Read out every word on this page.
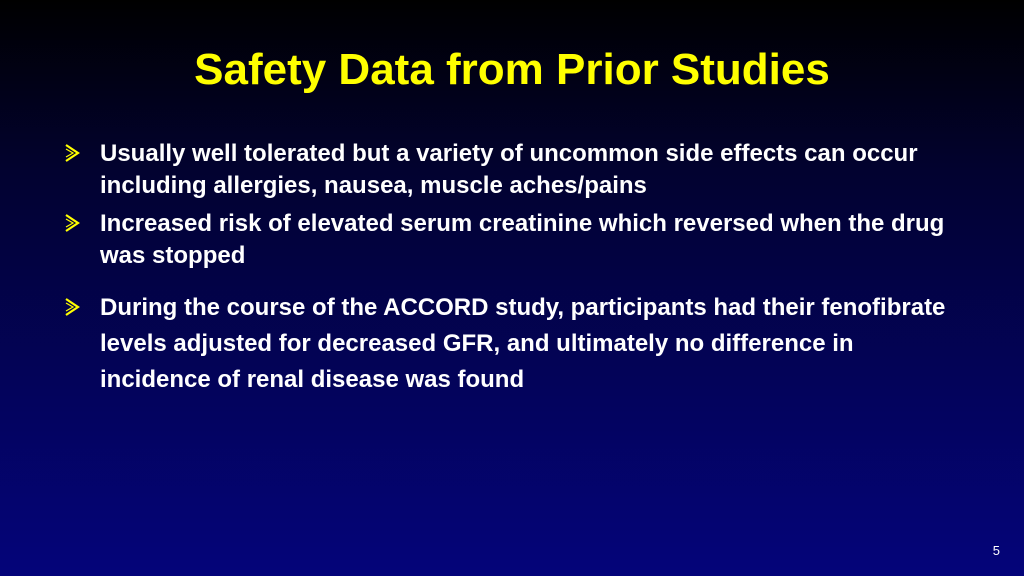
Safety Data from Prior Studies
Usually well tolerated but a variety of uncommon side effects can occur including allergies, nausea, muscle aches/pains
Increased risk of elevated serum creatinine which reversed when the drug was stopped
During the course of the ACCORD study, participants had their fenofibrate levels adjusted for decreased GFR, and ultimately no difference in incidence of renal disease was found
5
